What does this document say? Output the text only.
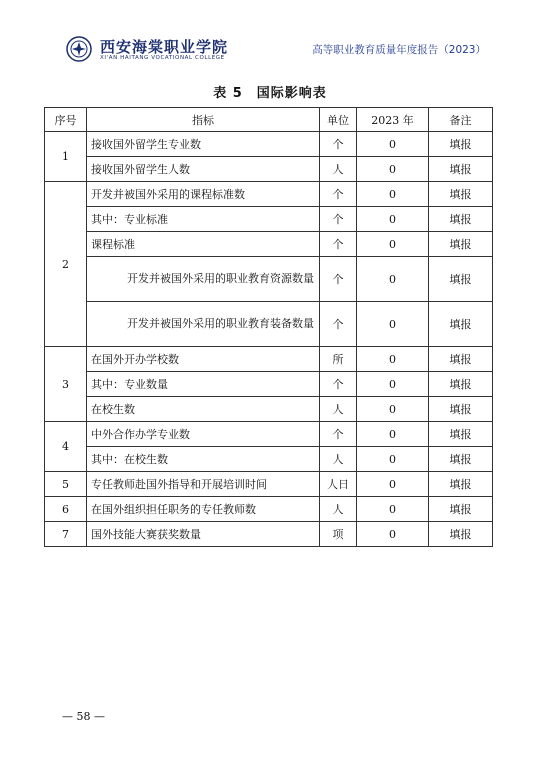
西安海棠职业学院
XI'AN HAITANG VOCATIONAL COLLEGE
高等职业教育质量年度报告（2023）
表 5　国际影响表
序号	指标	单位	2023 年	备注
1	接收国外留学生专业数	个	0	填报
	接收国外留学生人数	人	0	填报
2	开发并被国外采用的课程标准数	个	0	填报
	其中：专业标准	个	0	填报
	课程标准	个	0	填报
	开发并被国外采用的职业教育资源数量	个	0	填报
	开发并被国外采用的职业教育装备数量	个	0	填报
3	在国外开办学校数	所	0	填报
	其中：专业数量	个	0	填报
	在校生数	人	0	填报
4	中外合作办学专业数	个	0	填报
	其中：在校生数	人	0	填报
5	专任教师赴国外指导和开展培训时间	人日	0	填报
6	在国外组织担任职务的专任教师数	人	0	填报
7	国外技能大赛获奖数量	项	0	填报
— 58 —
